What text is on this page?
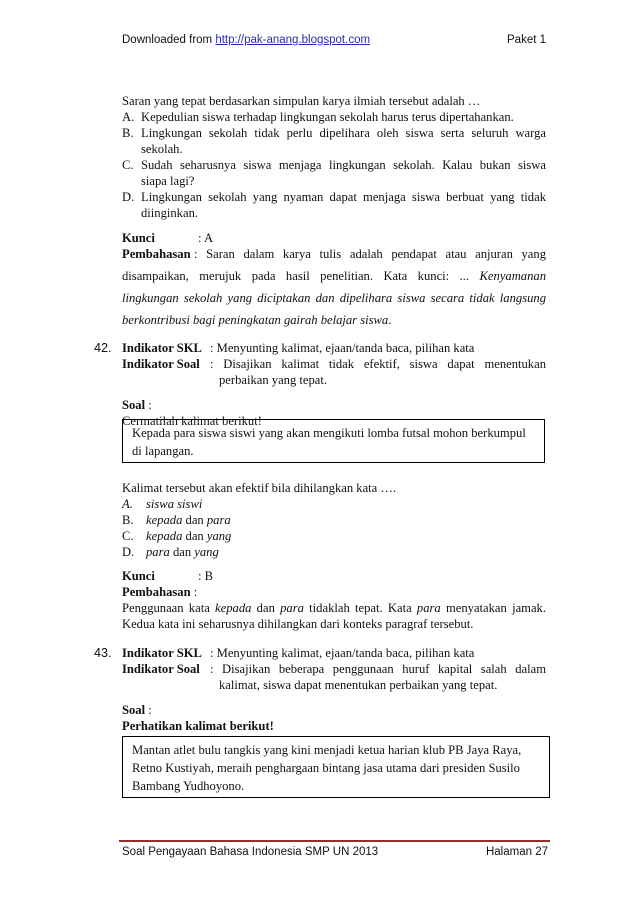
Downloaded from http://pak-anang.blogspot.com	Paket 1
Saran yang tepat berdasarkan simpulan karya ilmiah tersebut adalah …
A. Kepedulian siswa terhadap lingkungan sekolah harus terus dipertahankan.
B. Lingkungan sekolah tidak perlu dipelihara oleh siswa serta seluruh warga
sekolah.
C. Sudah seharusnya siswa menjaga lingkungan sekolah. Kalau bukan siswa
siapa lagi?
D. Lingkungan sekolah yang nyaman dapat menjaga siswa berbuat yang tidak
diinginkan.
Kunci	: A
Pembahasan : Saran dalam karya tulis adalah pendapat atau anjuran yang
disampaikan, merujuk pada hasil penelitian. Kata kunci: ... Kenyamanan
lingkungan sekolah yang diciptakan dan dipelihara siswa secara tidak langsung
berkontribusi bagi peningkatan gairah belajar siswa.
42. Indikator SKL : Menyunting kalimat, ejaan/tanda baca, pilihan kata
Indikator Soal : Disajikan kalimat tidak efektif, siswa dapat menentukan
perbaikan yang tepat.
Soal :
Cermatilah kalimat berikut!
Kepada para siswa siswi yang akan mengikuti lomba futsal mohon berkumpul
di lapangan.
Kalimat tersebut akan efektif bila dihilangkan kata ….
A. siswa siswi
B. kepada dan para
C. kepada dan yang
D. para dan yang
Kunci	: B
Pembahasan :
Penggunaan kata kepada dan para tidaklah tepat. Kata para menyatakan jamak.
Kedua kata ini seharusnya dihilangkan dari konteks paragraf tersebut.
43. Indikator SKL : Menyunting kalimat, ejaan/tanda baca, pilihan kata
Indikator Soal : Disajikan beberapa penggunaan huruf kapital salah dalam
kalimat, siswa dapat menentukan perbaikan yang tepat.
Soal :
Perhatikan kalimat berikut!
Mantan atlet bulu tangkis yang kini menjadi ketua harian klub PB Jaya Raya,
Retno Kustiyah, meraih penghargaan bintang jasa utama dari presiden Susilo
Bambang Yudhoyono.
Soal Pengayaan Bahasa Indonesia SMP UN 2013	Halaman 27
